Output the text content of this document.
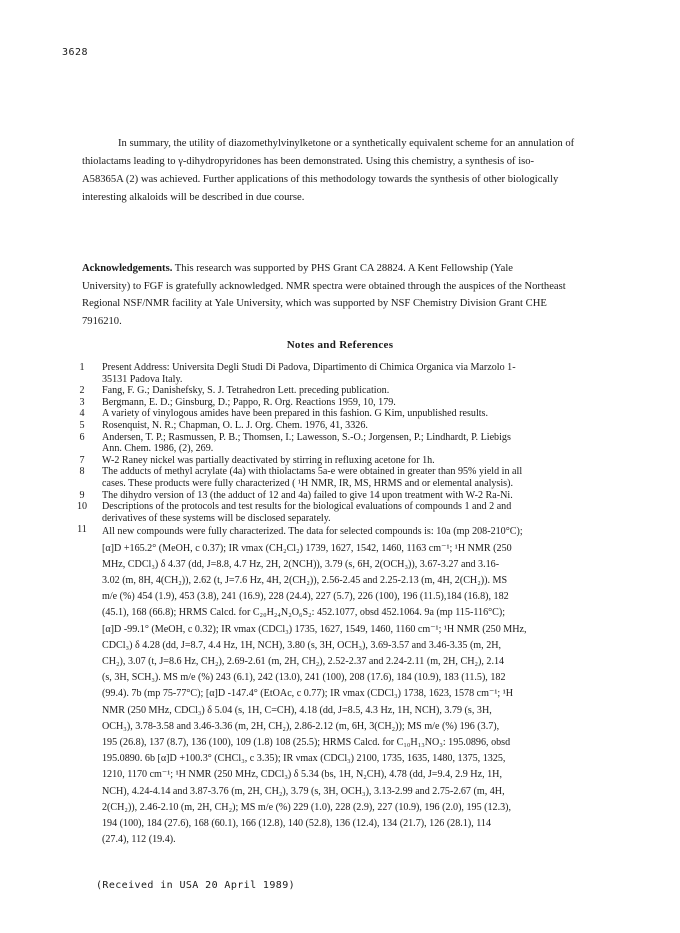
3628
In summary, the utility of diazomethylvinylketone or a synthetically equivalent scheme for an annulation of
thiolactams leading to γ-dihydropyridones has been demonstrated. Using this chemistry, a synthesis of iso-
A58365A (2) was achieved. Further applications of this methodology towards the synthesis of other biologically
interesting alkaloids will be described in due course.
Acknowledgements. This research was supported by PHS Grant CA 28824. A Kent Fellowship (Yale
University) to FGF is gratefully acknowledged. NMR spectra were obtained through the auspices of the Northeast
Regional NSF/NMR facility at Yale University, which was supported by NSF Chemistry Division Grant CHE
7916210.
Notes and References
1	Present Address: Universita Degli Studi Di Padova, Dipartimento di Chimica Organica via Marzolo 1-
35131 Padova Italy.
2	Fang, F. G.; Danishefsky, S. J. Tetrahedron Lett. preceding publication.
3	Bergmann, E. D.; Ginsburg, D.; Pappo, R. Org. Reactions 1959, 10, 179.
4	A variety of vinylogous amides have been prepared in this fashion. G Kim, unpublished results.
5	Rosenquist, N. R.; Chapman, O. L. J. Org. Chem. 1976, 41, 3326.
6	Andersen, T. P.; Rasmussen, P. B.; Thomsen, I.; Lawesson, S.-O.; Jorgensen, P.; Lindhardt, P. Liebigs
Ann. Chem. 1986, (2), 269.
7	W-2 Raney nickel was partially deactivated by stirring in refluxing acetone for 1h.
8	The adducts of methyl acrylate (4a) with thiolactams 5a-e were obtained in greater than 95% yield in all
cases. These products were fully characterized ( ¹H NMR, IR, MS, HRMS and or elemental analysis).
9	The dihydro version of 13 (the adduct of 12 and 4a) failed to give 14 upon treatment with W-2 Ra-Ni.
10	Descriptions of the protocols and test results for the biological evaluations of compounds 1 and 2 and
derivatives of these systems will be disclosed separately.
11	All new compounds were fully characterized. The data for selected compounds is: 10a (mp 208-210°C);
[α]D +165.2° (MeOH, c 0.37); IR νmax (CH₂Cl₂) 1739, 1627, 1542, 1460, 1163 cm⁻¹; ¹H NMR (250
MHz, CDCl₃) δ 4.37 (dd, J=8.8, 4.7 Hz, 2H, 2(NCH)), 3.79 (s, 6H, 2(OCH₃)), 3.67-3.27 and 3.16-
3.02 (m, 8H, 4(CH₂)), 2.62 (t, J=7.6 Hz, 4H, 2(CH₂)), 2.56-2.45 and 2.25-2.13 (m, 4H, 2(CH₂)). MS
m/e (%) 454 (1.9), 453 (3.8), 241 (16.9), 228 (24.4), 227 (5.7), 226 (100), 196 (11.5),184 (16.8), 182
(45.1), 168 (66.8); HRMS Calcd. for C₂₀H₂₄N₂O₆S₂: 452.1077, obsd 452.1064. 9a (mp 115-116°C);
[α]D -99.1° (MeOH, c 0.32); IR νmax (CDCl₃) 1735, 1627, 1549, 1460, 1160 cm⁻¹; ¹H NMR (250 MHz,
CDCl₃) δ 4.28 (dd, J=8.7, 4.4 Hz, 1H, NCH), 3.80 (s, 3H, OCH₃), 3.69-3.57 and 3.46-3.35 (m, 2H,
CH₂), 3.07 (t, J=8.6 Hz, CH₂), 2.69-2.61 (m, 2H, CH₂), 2.52-2.37 and 2.24-2.11 (m, 2H, CH₂), 2.14
(s, 3H, SCH₃). MS m/e (%) 243 (6.1), 242 (13.0), 241 (100), 208 (17.6), 184 (10.9), 183 (11.5), 182
(99.4). 7b (mp 75-77°C); [α]D -147.4° (EtOAc, c 0.77); IR νmax (CDCl₃) 1738, 1623, 1578 cm⁻¹; ¹H
NMR (250 MHz, CDCl₃) δ 5.04 (s, 1H, C=CH), 4.18 (dd, J=8.5, 4.3 Hz, 1H, NCH), 3.79 (s, 3H,
OCH₃), 3.78-3.58 and 3.46-3.36 (m, 2H, CH₂), 2.86-2.12 (m, 6H, 3(CH₂)); MS m/e (%) 196 (3.7),
195 (26.8), 137 (8.7), 136 (100), 109 (1.8) 108 (25.5); HRMS Calcd. for C₁₀H₁₃NO₃: 195.0896, obsd
195.0890. 6b [α]D +100.3° (CHCl₃, c 3.35); IR νmax (CDCl₃) 2100, 1735, 1635, 1480, 1375, 1325,
1210, 1170 cm⁻¹; ¹H NMR (250 MHz, CDCl₃) δ 5.34 (bs, 1H, N₂CH), 4.78 (dd, J=9.4, 2.9 Hz, 1H,
NCH), 4.24-4.14 and 3.87-3.76 (m, 2H, CH₂), 3.79 (s, 3H, OCH₃), 3.13-2.99 and 2.75-2.67 (m, 4H,
2(CH₂)), 2.46-2.10 (m, 2H, CH₂); MS m/e (%) 229 (1.0), 228 (2.9), 227 (10.9), 196 (2.0), 195 (12.3),
194 (100), 184 (27.6), 168 (60.1), 166 (12.8), 140 (52.8), 136 (12.4), 134 (21.7), 126 (28.1), 114
(27.4), 112 (19.4).
(Received in USA 20 April 1989)
